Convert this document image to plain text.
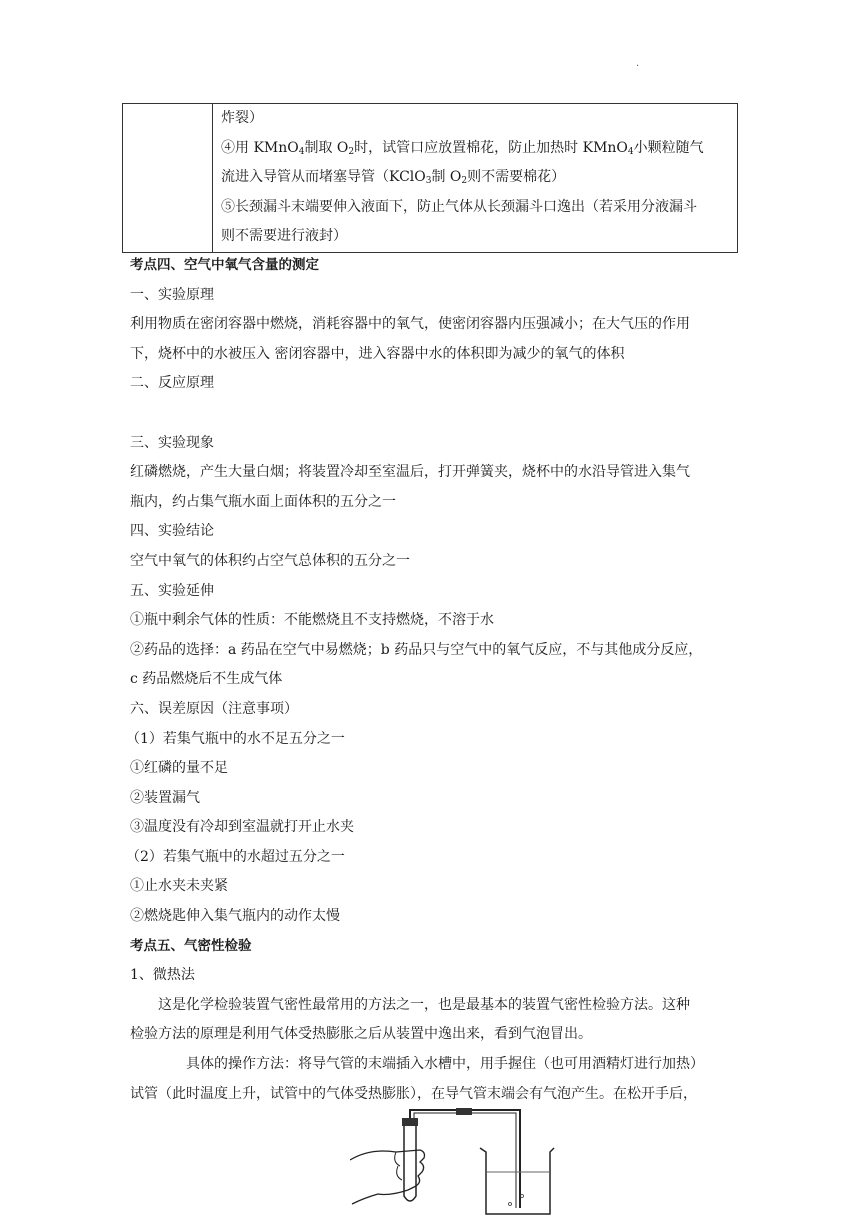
.

炸裂）

④用 KMnO$_4$制取 $O_2$时，试管口应放置棉花，防止加热时 KMnO$_4$小颗粒随气

流进入导管从而堵塞导管（KClO$_3$制 $O_2$则不需要棉花）

⑤长颈漏斗末端要伸入液面下，防止气体从长颈漏斗口逸出（若采用分液漏斗

则不需要进行液封）

考点四、空气中氧气含量的测定

一、实验原理

利用物质在密闭容器中燃烧，消耗容器中的氧气，使密闭容器内压强减小；在大气压的作用

下，烧杯中的水被压入 密闭容器中，进入容器中水的体积即为减少的氧气的体积

二、反应原理

三、实验现象

红磷燃烧，产生大量白烟；将装置冷却至室温后，打开弹簧夹，烧杯中的水沿导管进入集气

瓶内，约占集气瓶水面上面体积的五分之一

四、实验结论

空气中氧气的体积约占空气总体积的五分之一

五、实验延伸

①瓶中剩余气体的性质：不能燃烧且不支持燃烧，不溶于水

②药品的选择：a 药品在空气中易燃烧；b 药品只与空气中的氧气反应，不与其他成分反应，

c 药品燃烧后不生成气体

六、误差原因（注意事项）

（1）若集气瓶中的水不足五分之一

①红磷的量不足

②装置漏气

③温度没有冷却到室温就打开止水夹

（2）若集气瓶中的水超过五分之一

①止水夹未夹紧

②燃烧匙伸入集气瓶内的动作太慢

考点五、气密性检验

1、微热法

这是化学检验装置气密性最常用的方法之一，也是最基本的装置气密性检验方法。这种

检验方法的原理是利用气体受热膨胀之后从装置中逸出来，看到气泡冒出。

具体的操作方法：将导气管的末端插入水槽中，用手握住（也可用酒精灯进行加热）

试管（此时温度上升，试管中的气体受热膨胀），在导气管末端会有气泡产生。在松开手后，
